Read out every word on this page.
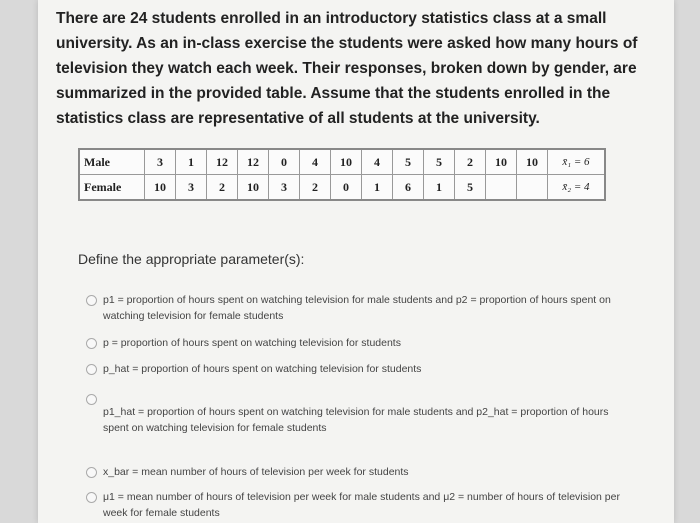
There are 24 students enrolled in an introductory statistics class at a small university. As an in-class exercise the students were asked how many hours of television they watch each week. Their responses, broken down by gender, are summarized in the provided table. Assume that the students enrolled in the statistics class are representative of all students at the university.
Male	3	1	12	12	0	4	10	4	5	5	2	10	10	x̄₁ = 6
Female	10	3	2	10	3	2	0	1	6	1	5			x̄₂ = 4
Define the appropriate parameter(s):
p1 = proportion of hours spent on watching television for male students and p2 = proportion of hours spent on watching television for female students
p = proportion of hours spent on watching television for students
p_hat = proportion of hours spent on watching television for students
p1_hat = proportion of hours spent on watching television for male students and p2_hat = proportion of hours spent on watching television for female students
x_bar = mean number of hours of television per week for students
μ1 = mean number of hours of television per week for male students and μ2 = number of hours of television per week for female students
